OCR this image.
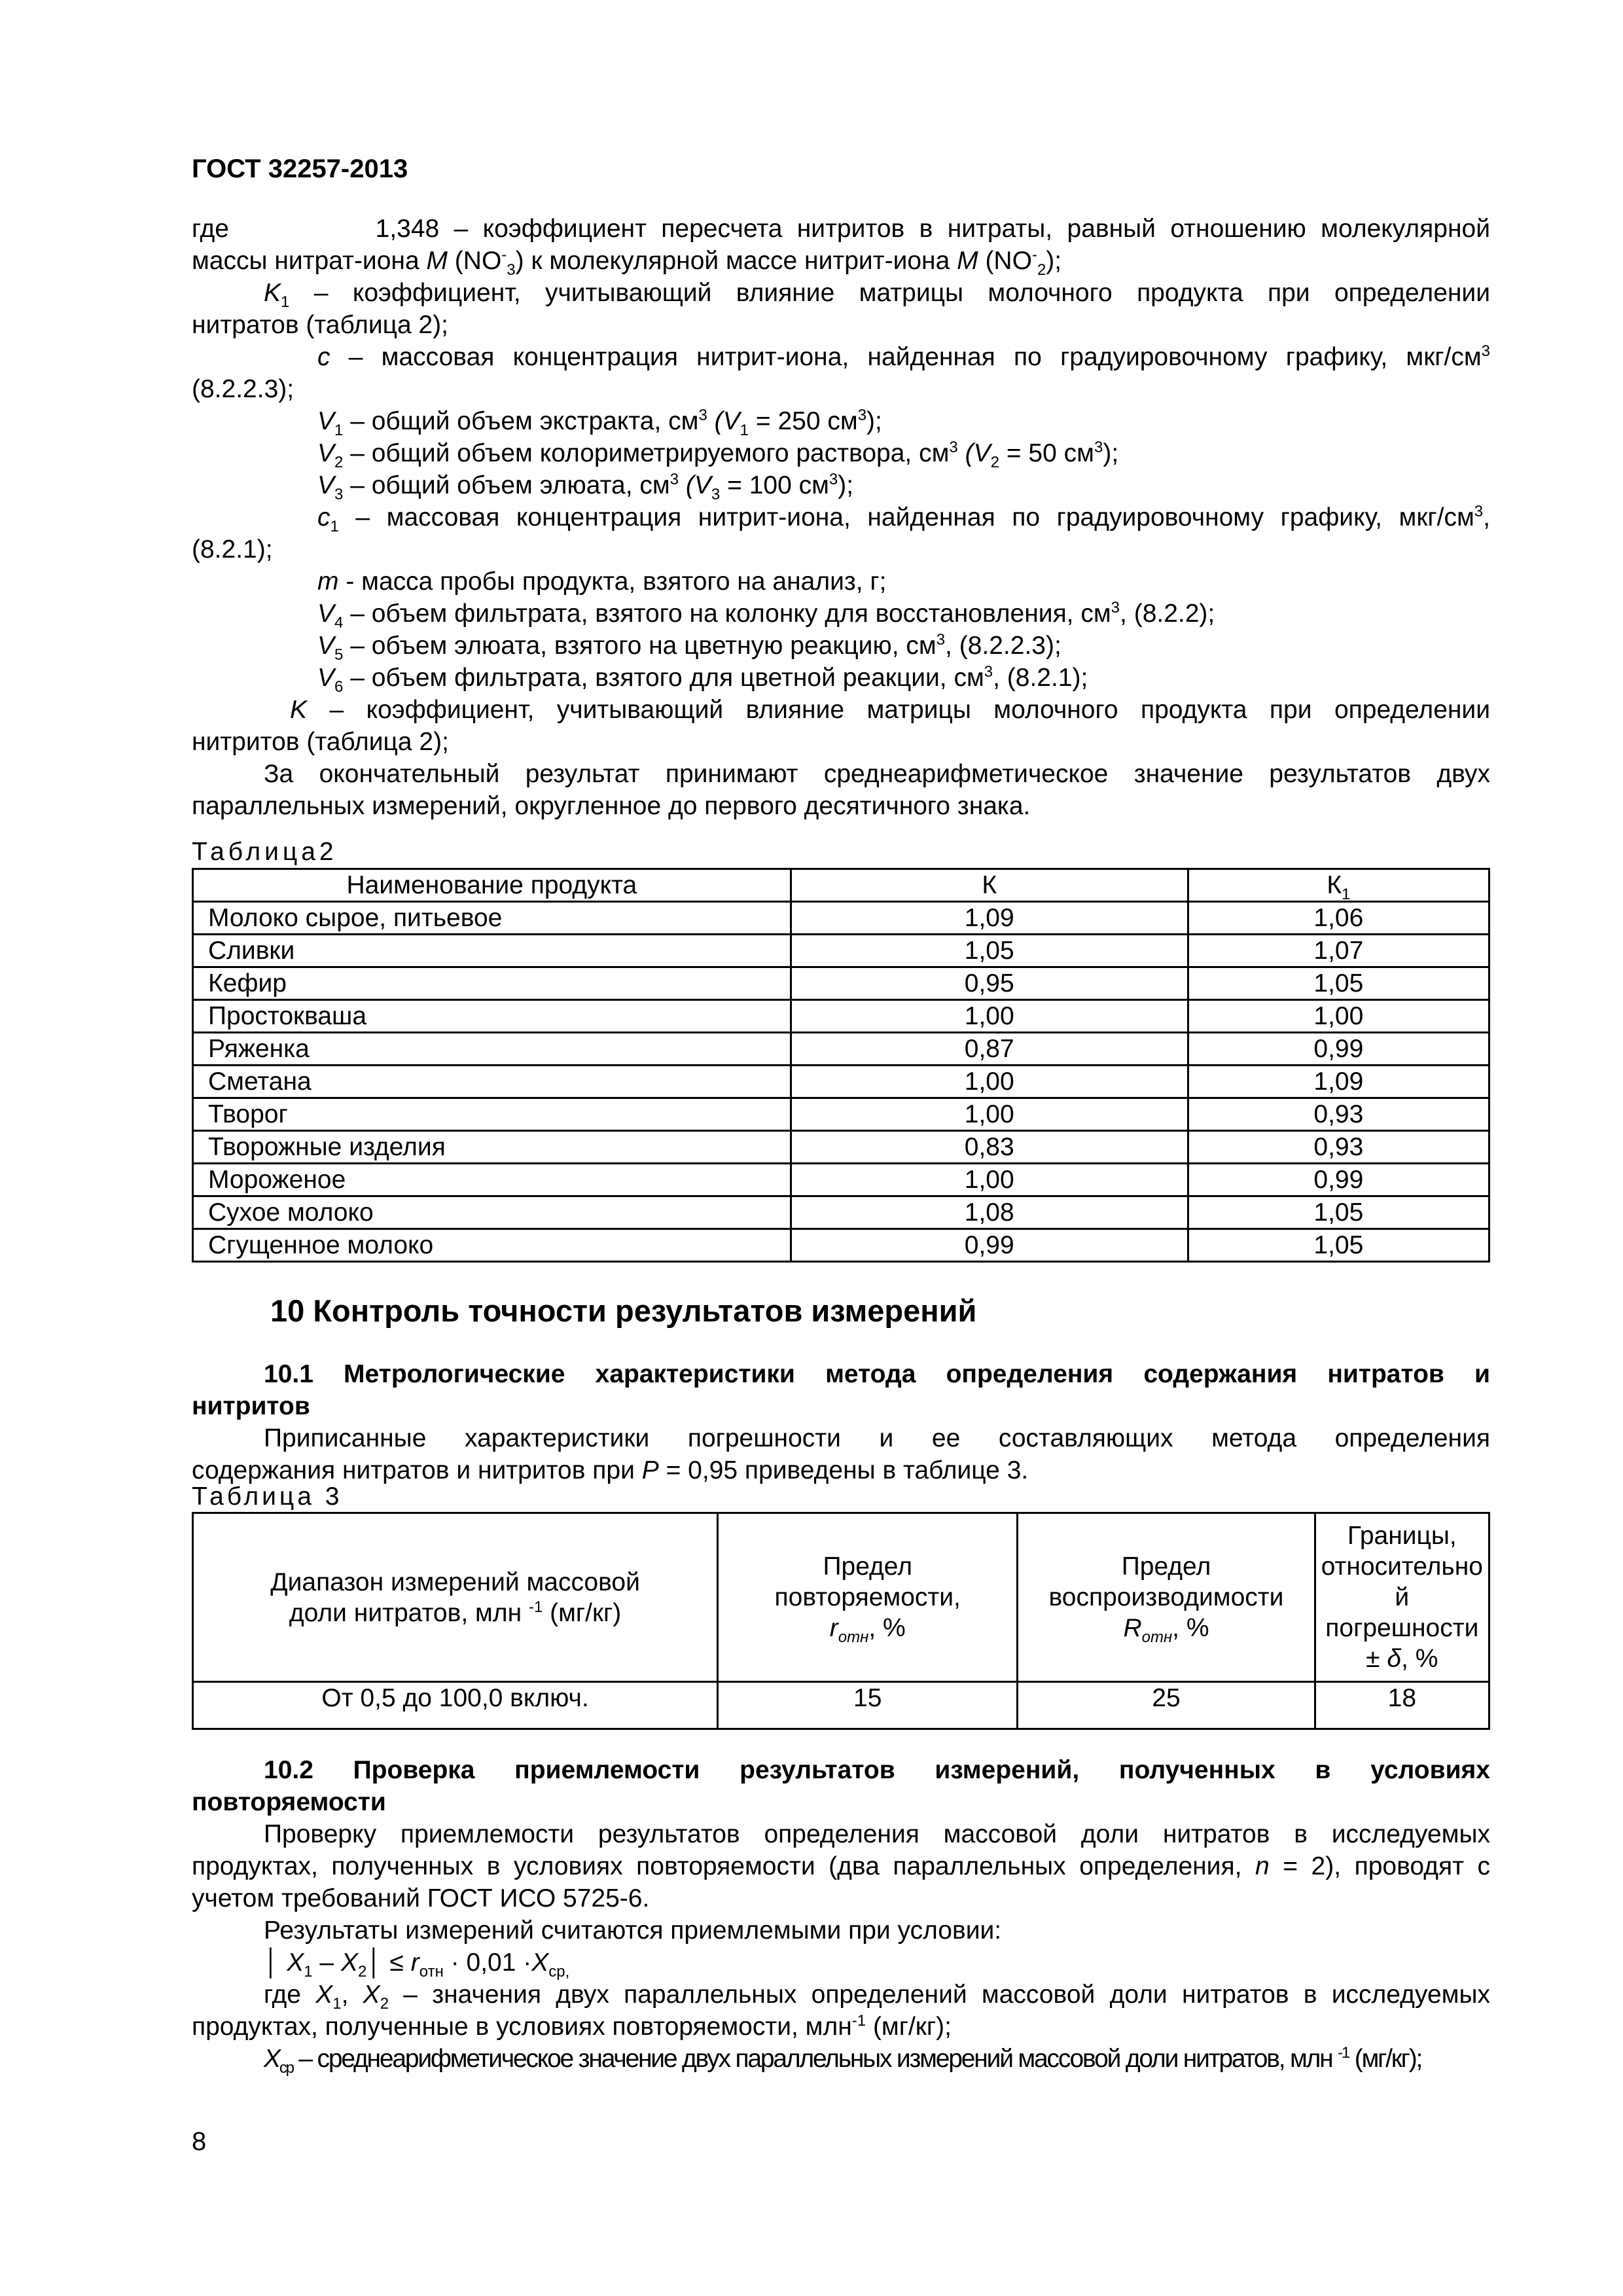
ГОСТ 32257-2013
где	1,348 – коэффициент пересчета нитритов в нитраты, равный отношению молекулярной
массы нитрат-иона M $(NO^-_3)$ к молекулярной массе нитрит-иона M $(NO^-_2)$;
$K_1$ – коэффициент, учитывающий влияние матрицы молочного продукта при определении
нитратов (таблица 2);
c – массовая концентрация нитрит-иона, найденная по градуировочному графику, мкг/$см^3$
(8.2.2.3);
$V_1$ – общий объем экстракта, $см^3$ ($V_1 = 250$ $см^3$);
$V_2$ – общий объем колориметрируемого раствора, $см^3$ ($V_2 = 50$ $см^3$);
$V_3$ – общий объем элюата, $см^3$ ($V_3 = 100$ $см^3$);
$c_1$ – массовая концентрация нитрит-иона, найденная по градуировочному графику, мкг/$см^3$,
(8.2.1);
m - масса пробы продукта, взятого на анализ, г;
$V_4$ – объем фильтрата, взятого на колонку для восстановления, $см^3$, (8.2.2);
$V_5$ – объем элюата, взятого на цветную реакцию, $см^3$, (8.2.2.3);
$V_6$ – объем фильтрата, взятого для цветной реакции, $см^3$, (8.2.1);
K – коэффициент, учитывающий влияние матрицы молочного продукта при определении
нитритов (таблица 2);
За окончательный результат принимают среднеарифметическое значение результатов двух
параллельных измерений, округленное до первого десятичного знака.
Таблица2
Наименование продукта	К	$К_1$
Молоко сырое, питьевое	1,09	1,06
Сливки	1,05	1,07
Кефир	0,95	1,05
Простокваша	1,00	1,00
Ряженка	0,87	0,99
Сметана	1,00	1,09
Творог	1,00	0,93
Творожные изделия	0,83	0,93
Мороженое	1,00	0,99
Сухое молоко	1,08	1,05
Сгущенное молоко	0,99	1,05
10 Контроль точности результатов измерений
10.1 Метрологические характеристики метода определения содержания нитратов и
нитритов
Приписанные характеристики погрешности и ее составляющих метода определения
содержания нитратов и нитритов при P = 0,95 приведены в таблице 3.
Таблица 3
Диапазон измерений массовой
доли нитратов, млн $^{-1}$ (мг/кг)	Предел
повторяемости,
$r_{отн}$, %	Предел
воспроизводимости
$R_{отн}$, %	Границы,
относительно
й погрешности
± δ, %
От 0,5 до 100,0 включ.	15	25	18
10.2 Проверка приемлемости результатов измерений, полученных в условиях
повторяемости
Проверку приемлемости результатов определения массовой доли нитратов в исследуемых
продуктах, полученных в условиях повторяемости (два параллельных определения, n = 2), проводят с
учетом требований ГОСТ ИСО 5725-6.
Результаты измерений считаются приемлемыми при условии:
│ $X_1$ – $X_2│ \le r_{отн} \cdot 0,01 \cdot X_{ср,}$
где $X_1$, $X_2$ – значения двух параллельных определений массовой доли нитратов в исследуемых
продуктах, полученные в условиях повторяемости, млн$^{-1}$ (мг/кг);
$X_{ср}$ – среднеарифметическое значение двух параллельных измерений массовой доли нитратов, млн $^{-1}$ (мг/кг);
8
